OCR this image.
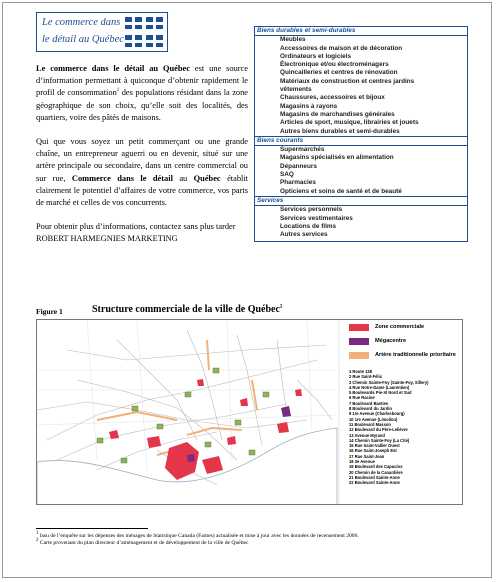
Le commerce dans
le détail au Québec

Le commerce dans le détail au Québec est une source d’information permettant à quiconque d’obtenir rapidement le profil de consommation$^1$ des populations résidant dans la zone géographique de son choix, qu’elle soit des localités, des quartiers, voire des pâtés de maisons.

Qui que vous soyez un petit commerçant ou une grande chaîne, un entrepreneur aguerri ou en devenir, situé sur une artère principale ou secondaire, dans un centre commercial ou sur rue, Commerce dans le détail au Québec établit clairement le potentiel d’affaires de votre commerce, vos parts de marché et celles de vos concurrents.

Pour obtenir plus d’informations, contactez sans plus tarder ROBERT HARMEGNIES MARKETING

Biens durables et semi-durables
Meubles
Accessoires de maison et de décoration
Ordinateurs et logiciels
Électronique et/ou électroménagers
Quincailleries et centres de rénovation
Matériaux de construction et centres jardins
vêtements
Chaussures, accessoires et bijoux
Magasins à rayons
Magasins de marchandises générales
Articles de sport, musique, librairies et jouets
Autres biens durables et semi-durables
Biens courants
Supermarchés
Magasins spécialisés en alimentation
Dépanneurs
SAQ
Pharmacies
Opticiens et soins de santé et de beauté
Services
Services personnels
Services vestimentaires
Locations de films
Autres services
Figure 1	Structure commerciale de la ville de Québec$^2$
Zone commerciale
Mégacentre
Artère traditionnelle prioritaire
1 Route 138
2 Rue Saint-Félix
3 Chemin Sainte-Foy (Sainte-Foy, Sillery)
4 Rue Notre-Dame (Laurentien)
5 Boulevards Pie-XI Nord et Sud
6 Rue Racine
7 Boulevard Bastien
8 Boulevard du Jardin
9 1re Avenue (Charlesbourg)
10 1re Avenue (Limoilou)
11 Boulevard Masson
12 Boulevard du Père-Lelièvre
13 Avenue Myrand
14 Chemin Sainte-Foy (La Cité)
15 Rue Saint-Vallier Ouest
16 Rue Saint-Joseph Est
17 Rue Saint-Jean
18 3e Avenue
19 Boulevard des Capucins
20 Chemin de la Canardière
21 Boulevard Sainte-Anne
22 Boulevard Sainte-Anne

$^1$ Issu de l’enquête sur les dépenses des ménages de Statistique Canada (Fames) actualisée et mise à jour avec les données de recensement 2006.

$^2$ Carte provenant du plan directeur d’aménagement et de développement de la ville de Québec
